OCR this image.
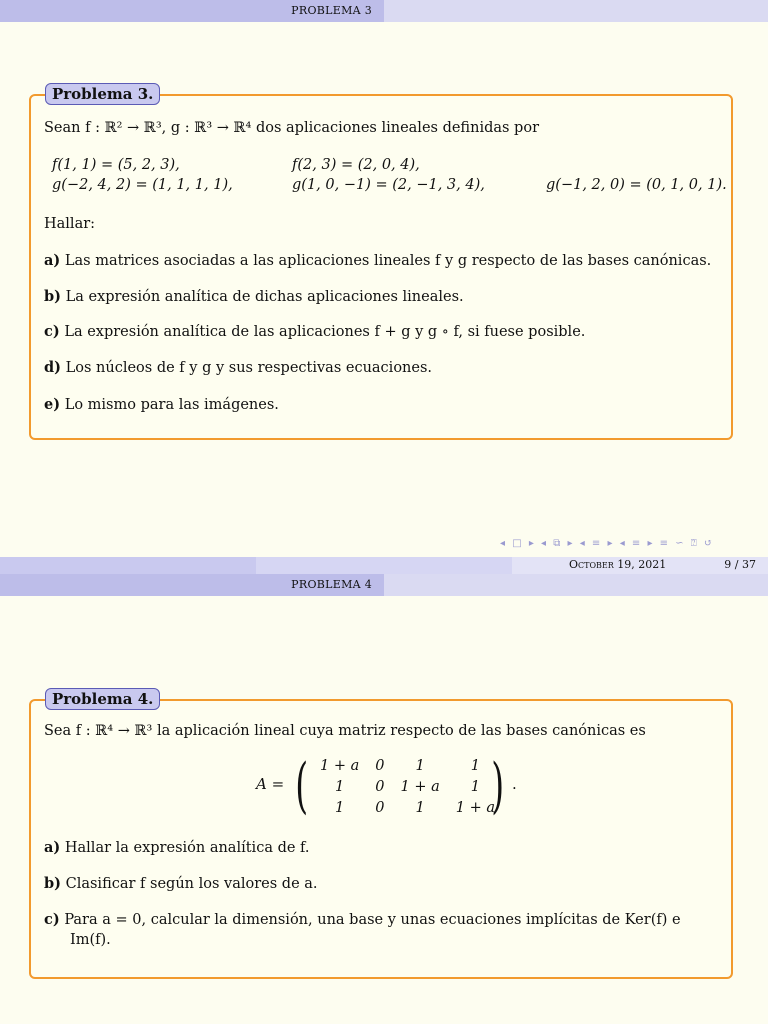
PROBLEMA 3
Problema 3.
Sean f : ℝ² → ℝ³, g : ℝ³ → ℝ⁴ dos aplicaciones lineales definidas por
f(1, 1) = (5, 2, 3),	f(2, 3) = (2, 0, 4),
g(−2, 4, 2) = (1, 1, 1, 1),	g(1, 0, −1) = (2, −1, 3, 4),	g(−1, 2, 0) = (0, 1, 0, 1).
Hallar:
a) Las matrices asociadas a las aplicaciones lineales f y g respecto de las bases canónicas.
b) La expresión analítica de dichas aplicaciones lineales.
c) La expresión analítica de las aplicaciones f + g y g ∘ f, si fuese posible.
d) Los núcleos de f y g y sus respectivas ecuaciones.
e) Lo mismo para las imágenes.
◂ □ ▸ ◂ ⧉ ▸ ◂ ≡ ▸ ◂ ≡ ▸ ≡ ∽ ⍰ ↺
October 19, 2021	9 / 37
PROBLEMA 4
Problema 4.
Sea f : ℝ⁴ → ℝ³ la aplicación lineal cuya matriz respecto de las bases canónicas es
A = ( 1 + a	0	1	1
1	0	1 + a	1
1	0	1	1 + a
) .
a) Hallar la expresión analítica de f.
b) Clasificar f según los valores de a.
c) Para a = 0, calcular la dimensión, una base y unas ecuaciones implícitas de Ker(f) e
Im(f).
